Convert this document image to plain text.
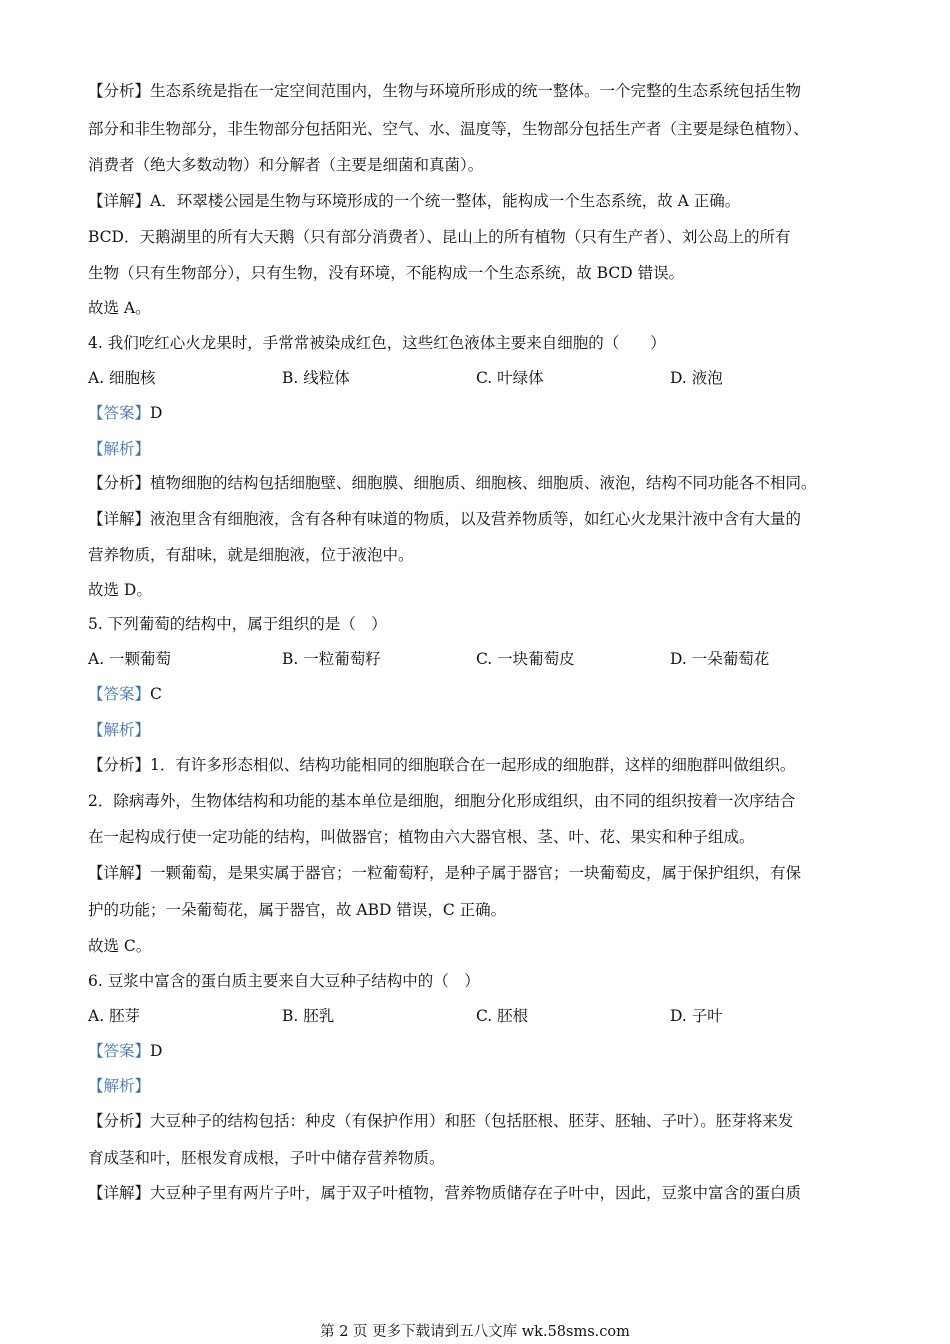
【分析】生态系统是指在一定空间范围内，生物与环境所形成的统一整体。一个完整的生态系统包括生物
部分和非生物部分，非生物部分包括阳光、空气、水、温度等，生物部分包括生产者（主要是绿色植物）、
消费者（绝大多数动物）和分解者（主要是细菌和真菌）。
【详解】A．环翠楼公园是生物与环境形成的一个统一整体，能构成一个生态系统，故 A 正确。
BCD．天鹅湖里的所有大天鹅（只有部分消费者）、昆山上的所有植物（只有生产者）、刘公岛上的所有
生物（只有生物部分），只有生物，没有环境，不能构成一个生态系统，故 BCD 错误。
故选 A。
4. 我们吃红心火龙果时，手常常被染成红色，这些红色液体主要来自细胞的（　　）
A. 细胞核	B. 线粒体	C. 叶绿体	D. 液泡
【答案】D
【解析】
【分析】植物细胞的结构包括细胞壁、细胞膜、细胞质、细胞核、细胞质、液泡，结构不同功能各不相同。
【详解】液泡里含有细胞液，含有各种有味道的物质，以及营养物质等，如红心火龙果汁液中含有大量的
营养物质，有甜味，就是细胞液，位于液泡中。
故选 D。
5. 下列葡萄的结构中，属于组织的是（　）
A. 一颗葡萄	B. 一粒葡萄籽	C. 一块葡萄皮	D. 一朵葡萄花
【答案】C
【解析】
【分析】1．有许多形态相似、结构功能相同的细胞联合在一起形成的细胞群，这样的细胞群叫做组织。
2．除病毒外，生物体结构和功能的基本单位是细胞，细胞分化形成组织，由不同的组织按着一次序结合
在一起构成行使一定功能的结构，叫做器官；植物由六大器官根、茎、叶、花、果实和种子组成。
【详解】一颗葡萄，是果实属于器官；一粒葡萄籽，是种子属于器官；一块葡萄皮，属于保护组织，有保
护的功能；一朵葡萄花，属于器官，故 ABD 错误，C 正确。
故选 C。
6. 豆浆中富含的蛋白质主要来自大豆种子结构中的（　）
A. 胚芽	B. 胚乳	C. 胚根	D. 子叶
【答案】D
【解析】
【分析】大豆种子的结构包括：种皮（有保护作用）和胚（包括胚根、胚芽、胚轴、子叶）。胚芽将来发
育成茎和叶，胚根发育成根，子叶中储存营养物质。
【详解】大豆种子里有两片子叶，属于双子叶植物，营养物质储存在子叶中，因此，豆浆中富含的蛋白质
第 2 页 更多下载请到五八文库 wk.58sms.com
